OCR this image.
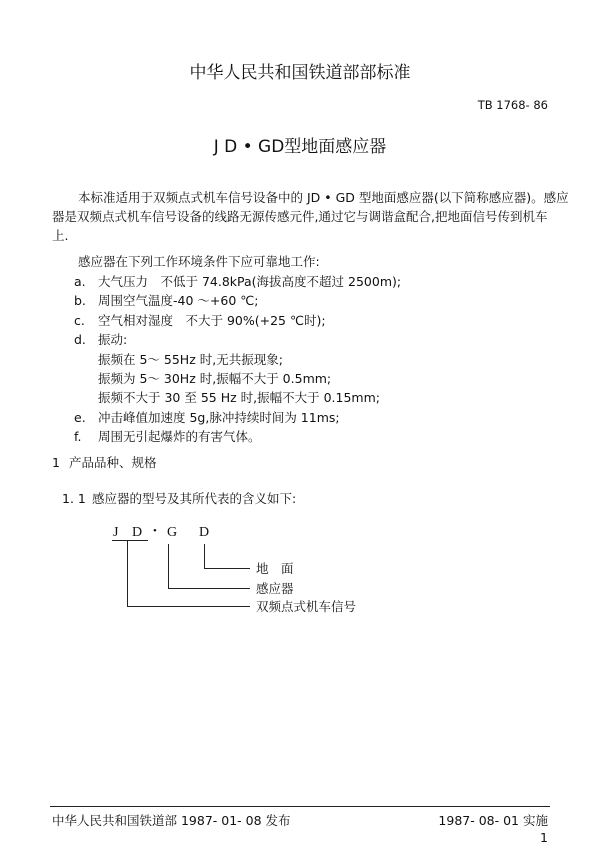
中华人民共和国铁道部部标准
TB 1768- 86
J D • GD型地面感应器
本标准适用于双频点式机车信号设备中的 JD • GD 型地面感应器(以下简称感应器)。感应
器是双频点式机车信号设备的线路无源传感元件,通过它与调谐盒配合,把地面信号传到机车
上.
感应器在下列工作环境条件下应可靠地工作:
a. 大气压力　不低于 74.8kPa(海拔高度不超过 2500m);
b. 周围空气温度-40 ～+60 ℃;
c. 空气相对湿度　不大于 90%(+25 ℃时);
d. 振动:
振频在 5～ 55Hz 时,无共振现象;
振频为 5～ 30Hz 时,振幅不大于 0.5mm;
振频不大于 30 至 55 Hz 时,振幅不大于 0.15mm;
e. 冲击峰值加速度 5g,脉冲持续时间为 11ms;
f. 周围无引起爆炸的有害气体。
1 产品品种、规格
1. 1 感应器的型号及其所代表的含义如下:
J D • G D
地　面
感应器
双频点式机车信号
中华人民共和国铁道部 1987- 01- 08 发布	1987- 08- 01 实施
1
